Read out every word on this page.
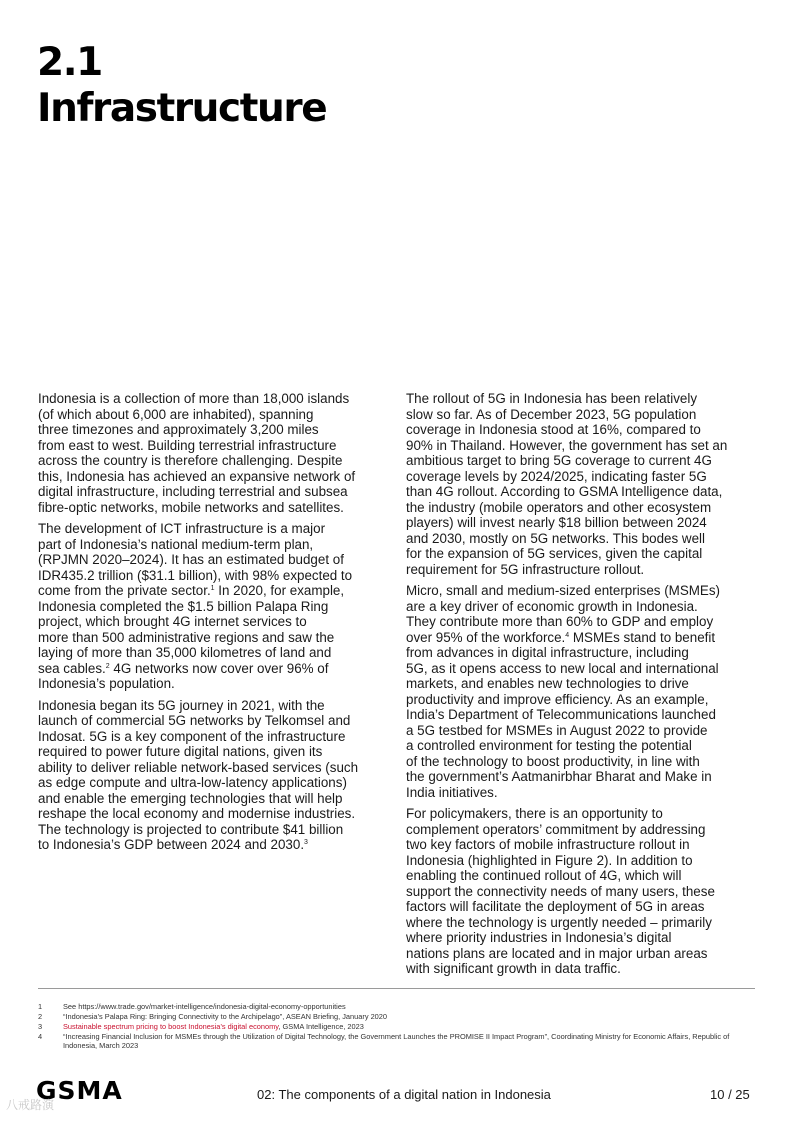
2.1
Infrastructure

Indonesia is a collection of more than 18,000 islands
(of which about 6,000 are inhabited), spanning
three timezones and approximately 3,200 miles
from east to west. Building terrestrial infrastructure
across the country is therefore challenging. Despite
this, Indonesia has achieved an expansive network of
digital infrastructure, including terrestrial and subsea
fibre-optic networks, mobile networks and satellites.

The development of ICT infrastructure is a major
part of Indonesia’s national medium-term plan,
(RPJMN 2020–2024). It has an estimated budget of
IDR435.2 trillion ($31.1 billion), with 98% expected to
come from the private sector.$^1$ In 2020, for example,
Indonesia completed the $1.5 billion Palapa Ring
project, which brought 4G internet services to
more than 500 administrative regions and saw the
laying of more than 35,000 kilometres of land and
sea cables.$^2$ 4G networks now cover over 96% of
Indonesia’s population.

Indonesia began its 5G journey in 2021, with the
launch of commercial 5G networks by Telkomsel and
Indosat. 5G is a key component of the infrastructure
required to power future digital nations, given its
ability to deliver reliable network-based services (such
as edge compute and ultra-low-latency applications)
and enable the emerging technologies that will help
reshape the local economy and modernise industries.
The technology is projected to contribute $41 billion
to Indonesia’s GDP between 2024 and 2030.$^3$

The rollout of 5G in Indonesia has been relatively
slow so far. As of December 2023, 5G population
coverage in Indonesia stood at 16%, compared to
90% in Thailand. However, the government has set an
ambitious target to bring 5G coverage to current 4G
coverage levels by 2024/2025, indicating faster 5G
than 4G rollout. According to GSMA Intelligence data,
the industry (mobile operators and other ecosystem
players) will invest nearly $18 billion between 2024
and 2030, mostly on 5G networks. This bodes well
for the expansion of 5G services, given the capital
requirement for 5G infrastructure rollout.

Micro, small and medium-sized enterprises (MSMEs)
are a key driver of economic growth in Indonesia.
They contribute more than 60% to GDP and employ
over 95% of the workforce.$^4$ MSMEs stand to benefit
from advances in digital infrastructure, including
5G, as it opens access to new local and international
markets, and enables new technologies to drive
productivity and improve efficiency. As an example,
India’s Department of Telecommunications launched
a 5G testbed for MSMEs in August 2022 to provide
a controlled environment for testing the potential
of the technology to boost productivity, in line with
the government’s Aatmanirbhar Bharat and Make in
India initiatives.

For policymakers, there is an opportunity to
complement operators’ commitment by addressing
two key factors of mobile infrastructure rollout in
Indonesia (highlighted in Figure 2). In addition to
enabling the continued rollout of 4G, which will
support the connectivity needs of many users, these
factors will facilitate the deployment of 5G in areas
where the technology is urgently needed – primarily
where priority industries in Indonesia’s digital
nations plans are located and in major urban areas
with significant growth in data traffic.

1	See https://www.trade.gov/market-intelligence/indonesia-digital-economy-opportunities
2	“Indonesia’s Palapa Ring: Bringing Connectivity to the Archipelago”, ASEAN Briefing, January 2020
3	Sustainable spectrum pricing to boost Indonesia’s digital economy, GSMA Intelligence, 2023
4	“Increasing Financial Inclusion for MSMEs through the Utilization of Digital Technology, the Government Launches the PROMISE II Impact Program”, Coordinating Ministry for Economic Affairs, Republic of Indonesia, March 2023
GSMA	02: The components of a digital nation in Indonesia	10 / 25
八戒路演
